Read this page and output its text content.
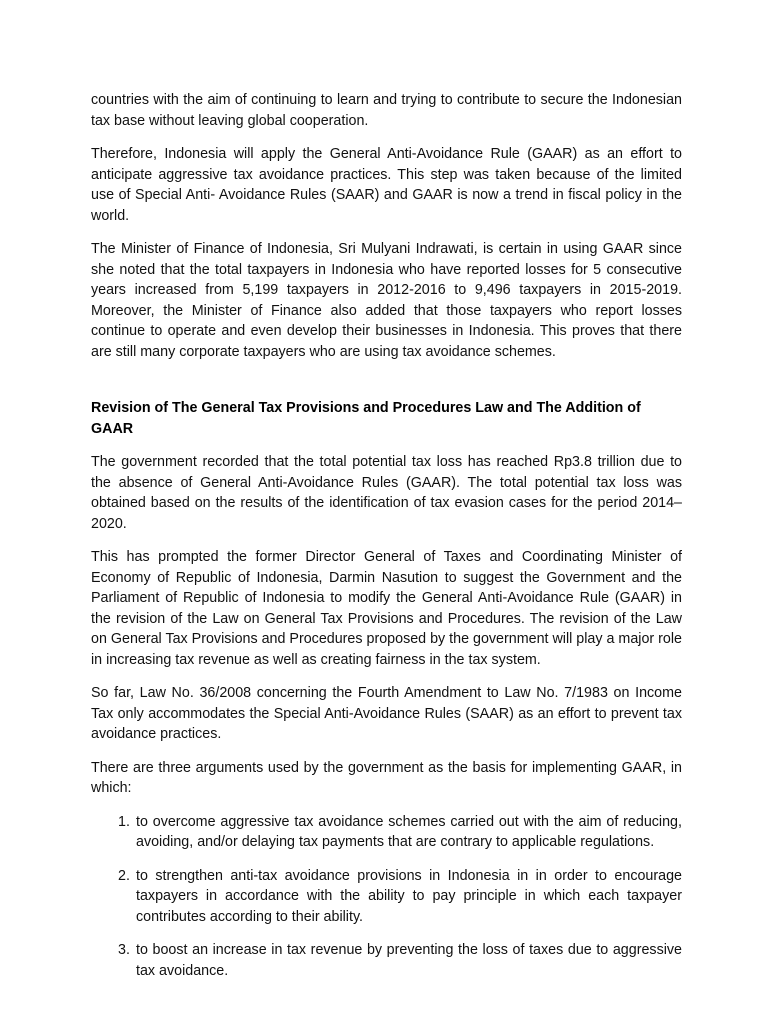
countries with the aim of continuing to learn and trying to contribute to secure the Indonesian tax base without leaving global cooperation.

Therefore, Indonesia will apply the General Anti-Avoidance Rule (GAAR) as an effort to anticipate aggressive tax avoidance practices. This step was taken because of the limited use of Special Anti- Avoidance Rules (SAAR) and GAAR is now a trend in fiscal policy in the world.

The Minister of Finance of Indonesia, Sri Mulyani Indrawati, is certain in using GAAR since she noted that the total taxpayers in Indonesia who have reported losses for 5 consecutive years increased from 5,199 taxpayers in 2012-2016 to 9,496 taxpayers in 2015-2019. Moreover, the Minister of Finance also added that those taxpayers who report losses continue to operate and even develop their businesses in Indonesia. This proves that there are still many corporate taxpayers who are using tax avoidance schemes.

Revision of The General Tax Provisions and Procedures Law and The Addition of GAAR

The government recorded that the total potential tax loss has reached Rp3.8 trillion due to the absence of General Anti-Avoidance Rules (GAAR). The total potential tax loss was obtained based on the results of the identification of tax evasion cases for the period 2014–2020.

This has prompted the former Director General of Taxes and Coordinating Minister of Economy of Republic of Indonesia, Darmin Nasution to suggest the Government and the Parliament of Republic of Indonesia to modify the General Anti-Avoidance Rule (GAAR) in the revision of the Law on General Tax Provisions and Procedures. The revision of the Law on General Tax Provisions and Procedures proposed by the government will play a major role in increasing tax revenue as well as creating fairness in the tax system.

So far, Law No. 36/2008 concerning the Fourth Amendment to Law No. 7/1983 on Income Tax only accommodates the Special Anti-Avoidance Rules (SAAR) as an effort to prevent tax avoidance practices.

There are three arguments used by the government as the basis for implementing GAAR, in which:

1. to overcome aggressive tax avoidance schemes carried out with the aim of reducing, avoiding, and/or delaying tax payments that are contrary to applicable regulations.
2. to strengthen anti-tax avoidance provisions in Indonesia in in order to encourage taxpayers in accordance with the ability to pay principle in which each taxpayer contributes according to their ability.
3. to boost an increase in tax revenue by preventing the loss of taxes due to aggressive tax avoidance.
